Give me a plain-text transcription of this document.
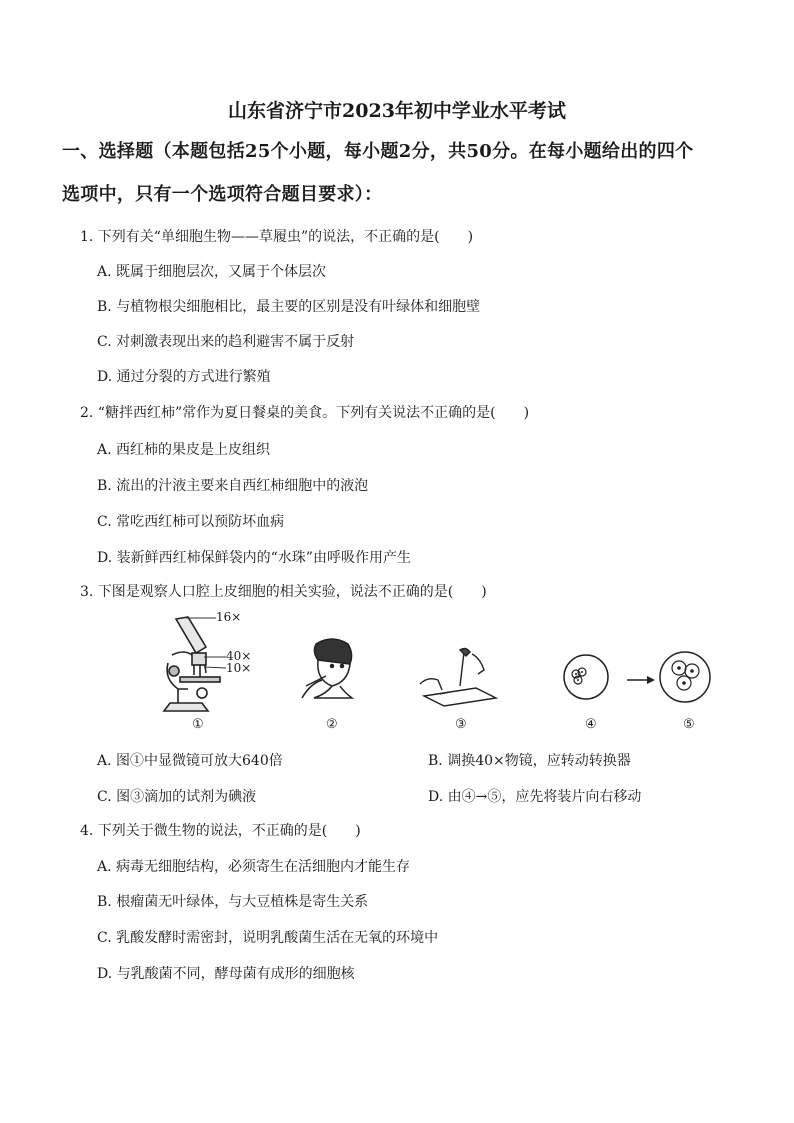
山东省济宁市2023年初中学业水平考试
一、选择题（本题包括25个小题，每小题2分，共50分。在每小题给出的四个
选项中，只有一个选项符合题目要求）：
1. 下列有关“单细胞生物——草履虫”的说法，不正确的是(　　)
A. 既属于细胞层次，又属于个体层次
B. 与植物根尖细胞相比，最主要的区别是没有叶绿体和细胞壁
C. 对刺激表现出来的趋利避害不属于反射
D. 通过分裂的方式进行繁殖
2. “糖拌西红柿”常作为夏日餐桌的美食。下列有关说法不正确的是(　　)
A. 西红柿的果皮是上皮组织
B. 流出的汁液主要来自西红柿细胞中的液泡
C. 常吃西红柿可以预防坏血病
D. 装新鲜西红柿保鲜袋内的“水珠”由呼吸作用产生
3. 下图是观察人口腔上皮细胞的相关实验，说法不正确的是(　　)
16×
40×
10×
①	②	③	④	⑤
A. 图①中显微镜可放大640倍	B. 调换40×物镜，应转动转换器
C. 图③滴加的试剂为碘液	D. 由④→⑤，应先将装片向右移动
4. 下列关于微生物的说法，不正确的是(　　)
A. 病毒无细胞结构，必须寄生在活细胞内才能生存
B. 根瘤菌无叶绿体，与大豆植株是寄生关系
C. 乳酸发酵时需密封，说明乳酸菌生活在无氧的环境中
D. 与乳酸菌不同，酵母菌有成形的细胞核
